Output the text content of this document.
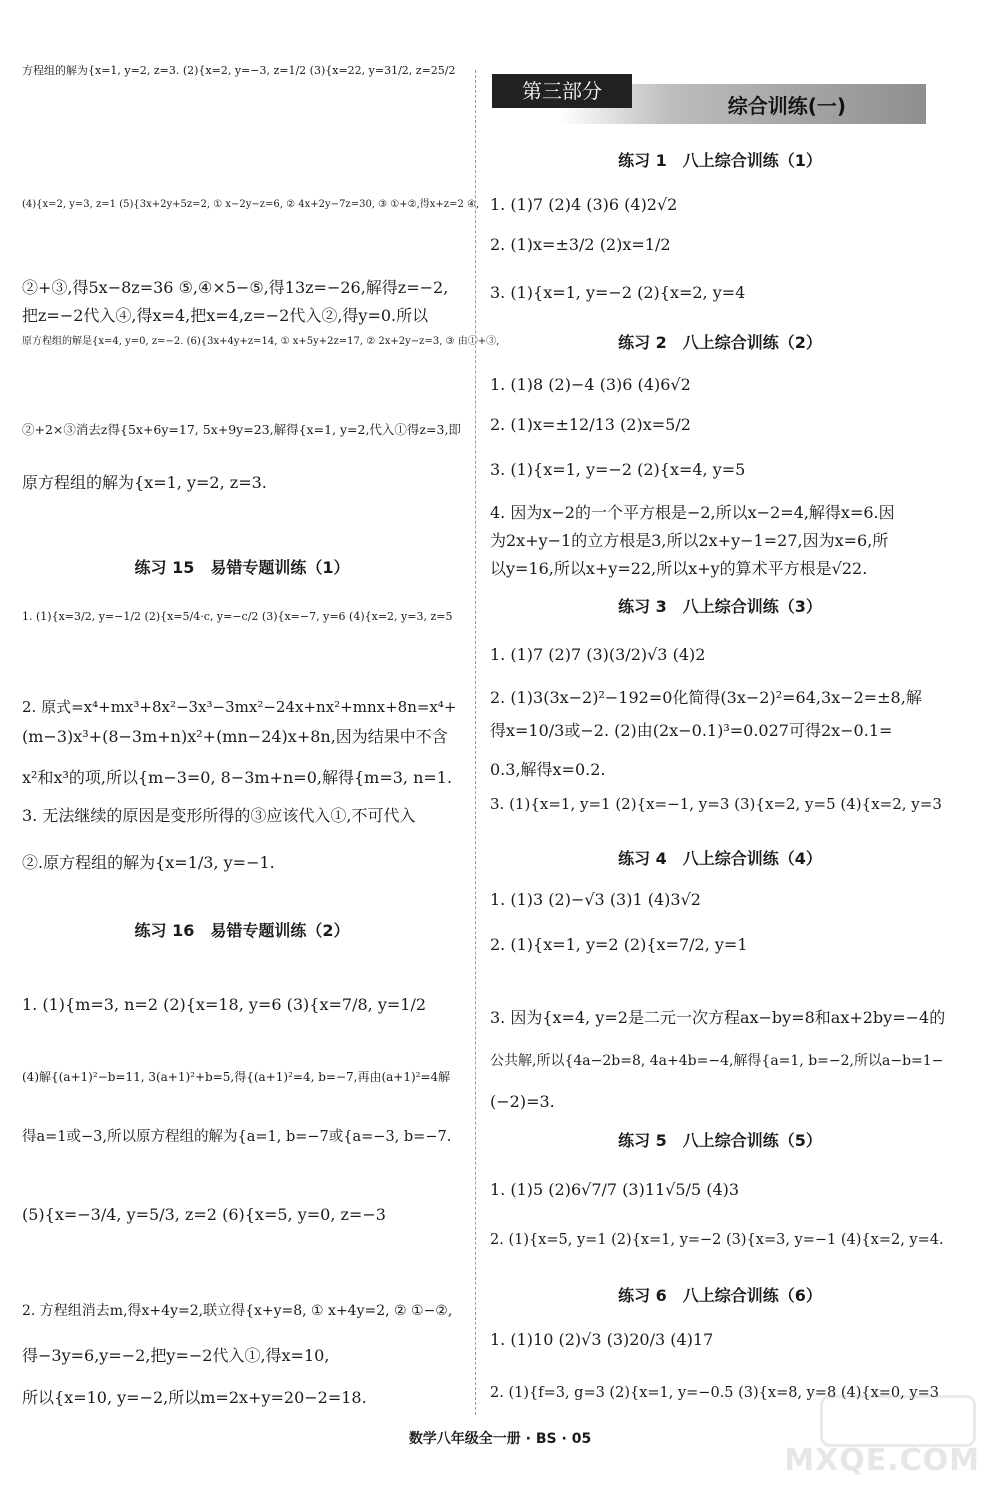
方程组的解为{x=1, y=2, z=3. (2){x=2, y=−3, z=1/2 (3){x=22, y=31/2, z=25/2
(4){x=2, y=3, z=1 (5){3x+2y+5z=2, ① x−2y−z=6, ② 4x+2y−7z=30, ③ ①+②,得x+z=2 ④,
②+③,得5x−8z=36 ⑤,④×5−⑤,得13z=−26,解得z=−2,
把z=−2代入④,得x=4,把x=4,z=−2代入②,得y=0.所以
原方程组的解是{x=4, y=0, z=−2. (6){3x+4y+z=14, ① x+5y+2z=17, ② 2x+2y−z=3, ③ 由①+③,
②+2×③消去z得{5x+6y=17, 5x+9y=23,解得{x=1, y=2,代入①得z=3,即
原方程组的解为{x=1, y=2, z=3.
练习 15　易错专题训练（1）
1. (1){x=3/2, y=−1/2 (2){x=5/4·c, y=−c/2 (3){x=−7, y=6 (4){x=2, y=3, z=5
2. 原式=x⁴+mx³+8x²−3x³−3mx²−24x+nx²+mnx+8n=x⁴+
(m−3)x³+(8−3m+n)x²+(mn−24)x+8n,因为结果中不含
x²和x³的项,所以{m−3=0, 8−3m+n=0,解得{m=3, n=1.
3. 无法继续的原因是变形所得的③应该代入①,不可代入
②.原方程组的解为{x=1/3, y=−1.
练习 16　易错专题训练（2）
1. (1){m=3, n=2 (2){x=18, y=6 (3){x=7/8, y=1/2
(4)解{(a+1)²−b=11, 3(a+1)²+b=5,得{(a+1)²=4, b=−7,再由(a+1)²=4解
得a=1或−3,所以原方程组的解为{a=1, b=−7或{a=−3, b=−7.
(5){x=−3/4, y=5/3, z=2 (6){x=5, y=0, z=−3
2. 方程组消去m,得x+4y=2,联立得{x+y=8, ① x+4y=2, ② ①−②,
得−3y=6,y=−2,把y=−2代入①,得x=10,
所以{x=10, y=−2,所以m=2x+y=20−2=18.
第三部分
综合训练(一)
练习 1　八上综合训练（1）
1. (1)7 (2)4 (3)6 (4)2√2
2. (1)x=±3/2 (2)x=1/2
3. (1){x=1, y=−2 (2){x=2, y=4
练习 2　八上综合训练（2）
1. (1)8 (2)−4 (3)6 (4)6√2
2. (1)x=±12/13 (2)x=5/2
3. (1){x=1, y=−2 (2){x=4, y=5
4. 因为x−2的一个平方根是−2,所以x−2=4,解得x=6.因
为2x+y−1的立方根是3,所以2x+y−1=27,因为x=6,所
以y=16,所以x+y=22,所以x+y的算术平方根是√22.
练习 3　八上综合训练（3）
1. (1)7 (2)7 (3)(3/2)√3 (4)2
2. (1)3(3x−2)²−192=0化简得(3x−2)²=64,3x−2=±8,解
得x=10/3或−2. (2)由(2x−0.1)³=0.027可得2x−0.1=
0.3,解得x=0.2.
3. (1){x=1, y=1 (2){x=−1, y=3 (3){x=2, y=5 (4){x=2, y=3
练习 4　八上综合训练（4）
1. (1)3 (2)−√3 (3)1 (4)3√2
2. (1){x=1, y=2 (2){x=7/2, y=1
3. 因为{x=4, y=2是二元一次方程ax−by=8和ax+2by=−4的
公共解,所以{4a−2b=8, 4a+4b=−4,解得{a=1, b=−2,所以a−b=1−
(−2)=3.
练习 5　八上综合训练（5）
1. (1)5 (2)6√7/7 (3)11√5/5 (4)3
2. (1){x=5, y=1 (2){x=1, y=−2 (3){x=3, y=−1 (4){x=2, y=4.
练习 6　八上综合训练（6）
1. (1)10 (2)√3 (3)20/3 (4)17
2. (1){f=3, g=3 (2){x=1, y=−0.5 (3){x=8, y=8 (4){x=0, y=3
数学八年级全一册 · BS · 05
MXQE.COM
